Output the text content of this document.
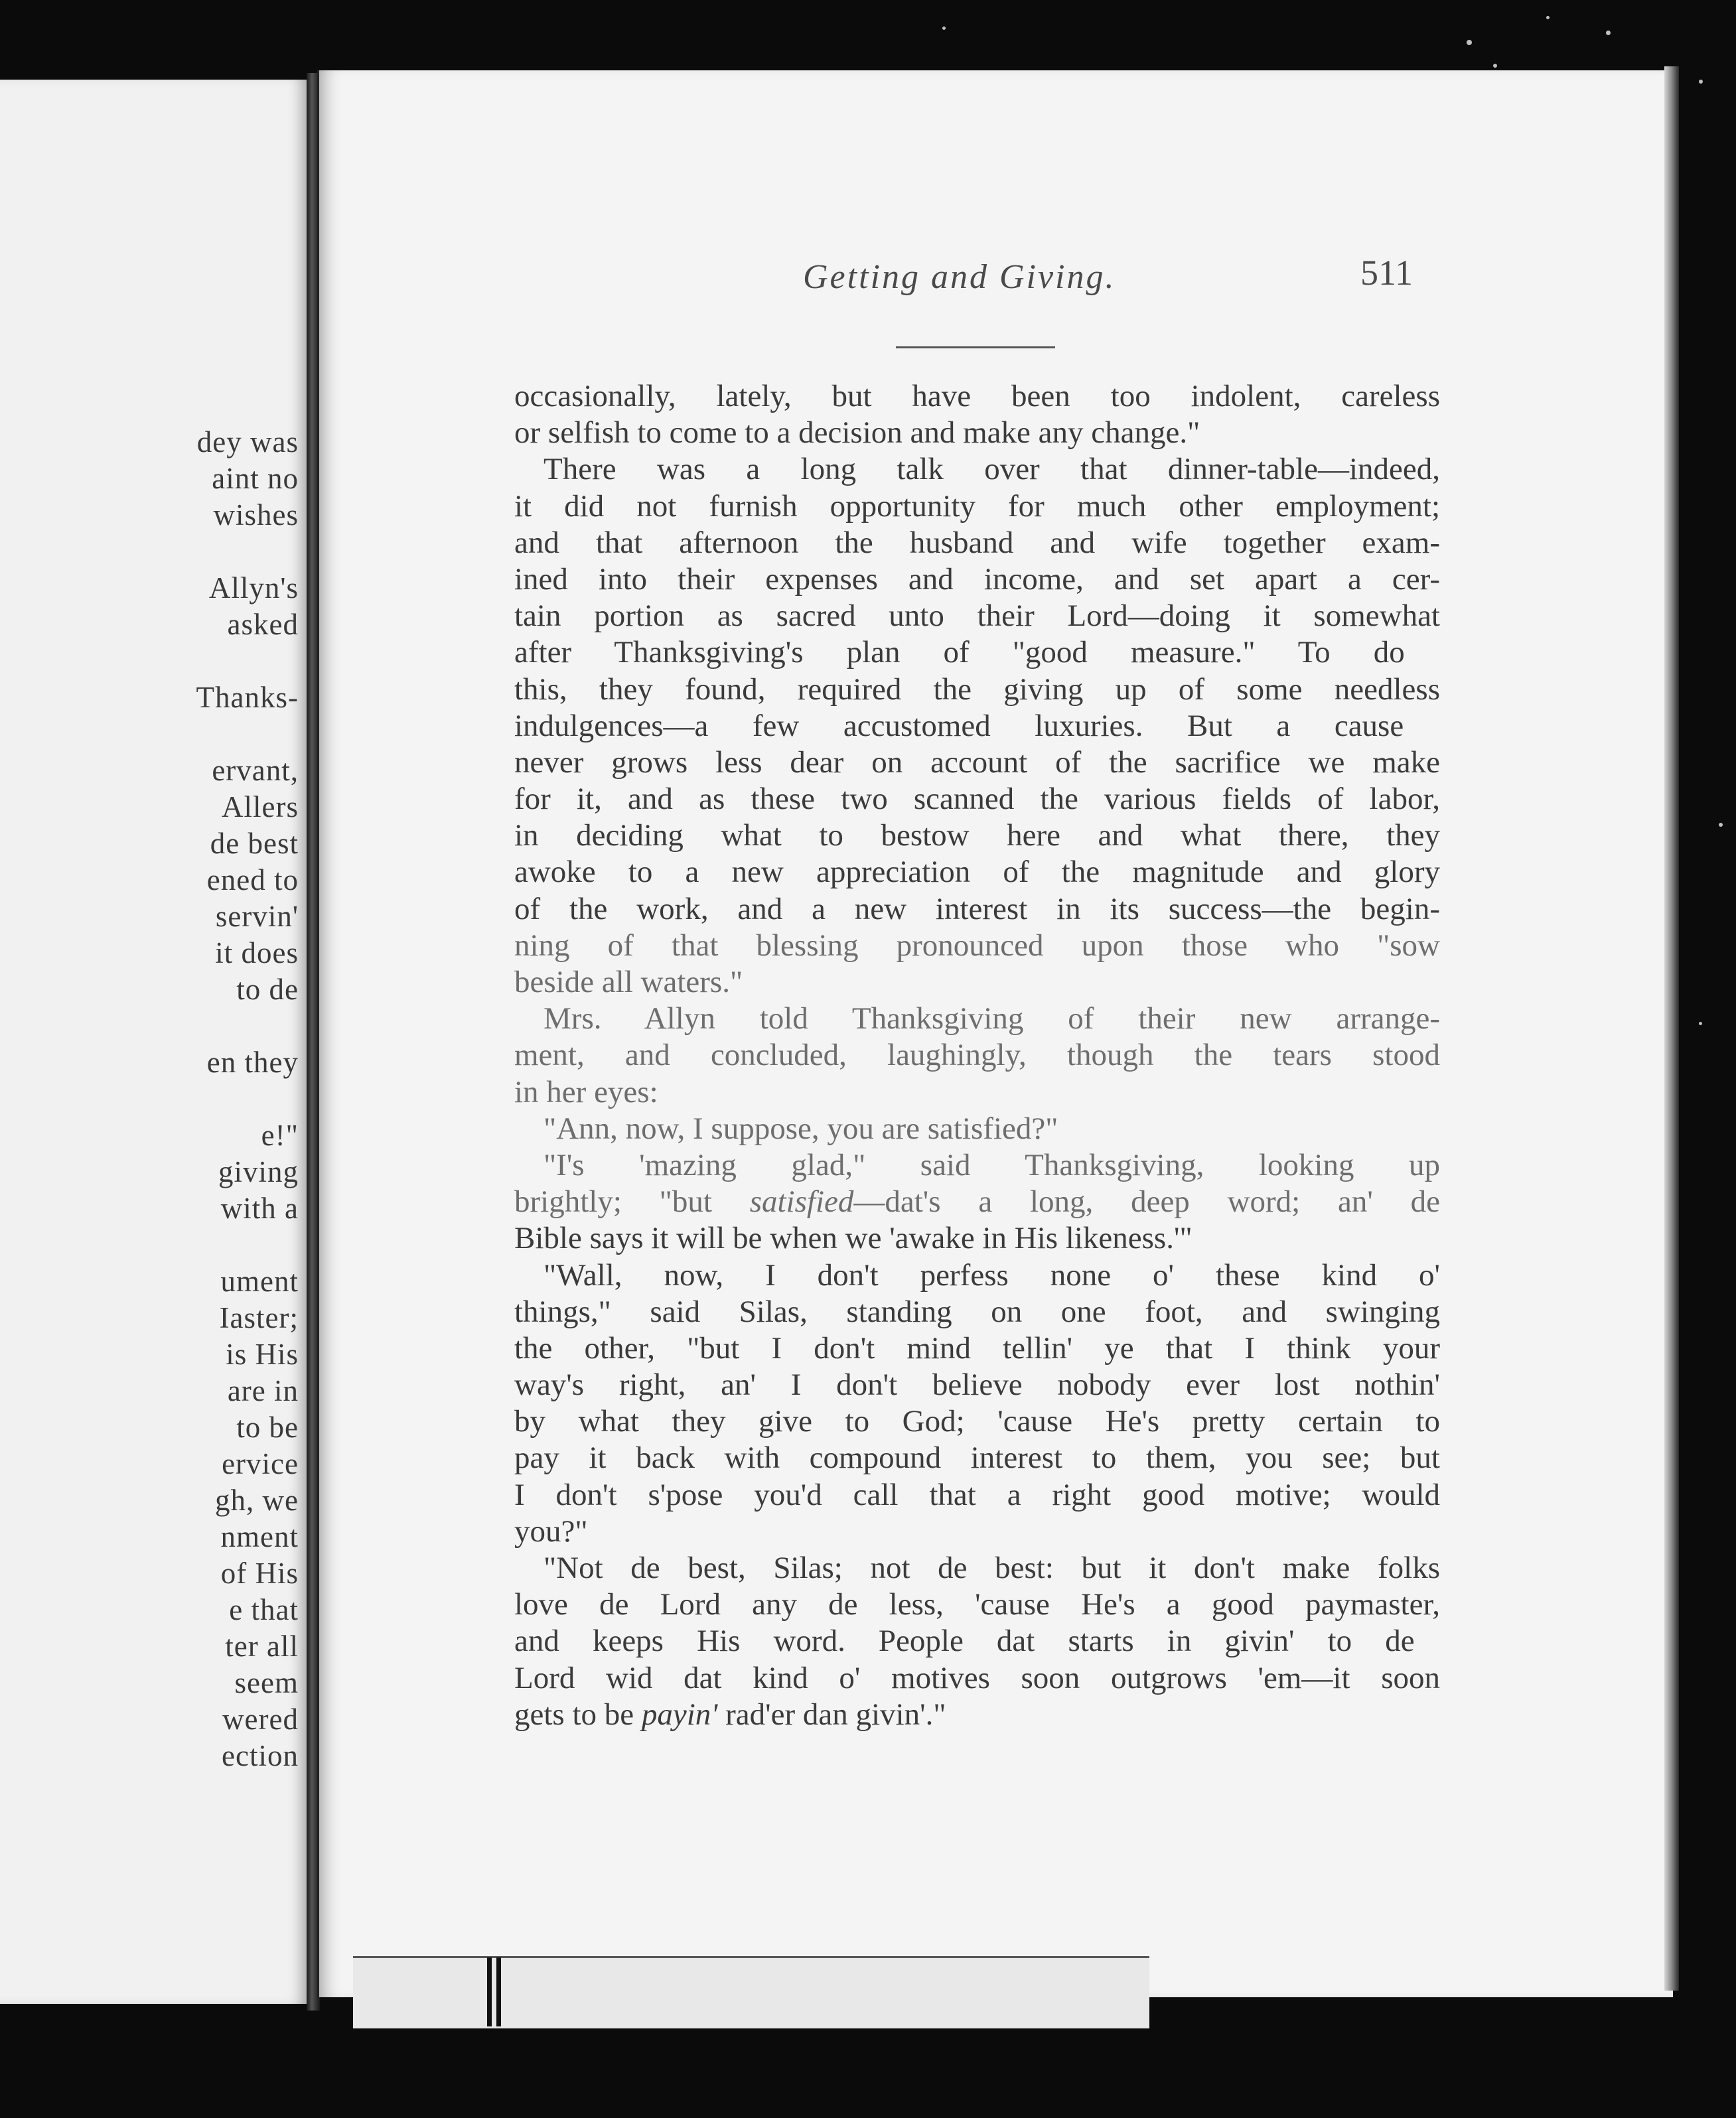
dey was
aint no
wishes
Allyn's
asked
Thanks-
ervant,
Allers
de best
ened to
servin'
it does
to de
en they
e!"
giving
with a
ument
Iaster;
is His
are in
to be
ervice
gh, we
nment
of His
e that
ter all
seem
wered
ection
Getting and Giving.	511
occasionally, lately, but have been too indolent, careless
or selfish to come to a decision and make any change."
There was a long talk over that dinner-table—indeed,
it did not furnish opportunity for much other employment;
and that afternoon the husband and wife together exam-
ined into their expenses and income, and set apart a cer-
tain portion as sacred unto their Lord—doing it somewhat
after Thanksgiving's plan of "good measure." To do
this, they found, required the giving up of some needless
indulgences—a few accustomed luxuries. But a cause
never grows less dear on account of the sacrifice we make
for it, and as these two scanned the various fields of labor,
in deciding what to bestow here and what there, they
awoke to a new appreciation of the magnitude and glory
of the work, and a new interest in its success—the begin-
ning of that blessing pronounced upon those who "sow
beside all waters."
Mrs. Allyn told Thanksgiving of their new arrange-
ment, and concluded, laughingly, though the tears stood
in her eyes:
"Ann, now, I suppose, you are satisfied?"
"I's 'mazing glad," said Thanksgiving, looking up
brightly; "but satisfied—dat's a long, deep word; an' de
Bible says it will be when we 'awake in His likeness.'"
"Wall, now, I don't perfess none o' these kind o'
things," said Silas, standing on one foot, and swinging
the other, "but I don't mind tellin' ye that I think your
way's right, an' I don't believe nobody ever lost nothin'
by what they give to God; 'cause He's pretty certain to
pay it back with compound interest to them, you see; but
I don't s'pose you'd call that a right good motive; would
you?"
"Not de best, Silas; not de best: but it don't make folks
love de Lord any de less, 'cause He's a good paymaster,
and keeps His word. People dat starts in givin' to de
Lord wid dat kind o' motives soon outgrows 'em—it soon
gets to be payin' rad'er dan givin'."
